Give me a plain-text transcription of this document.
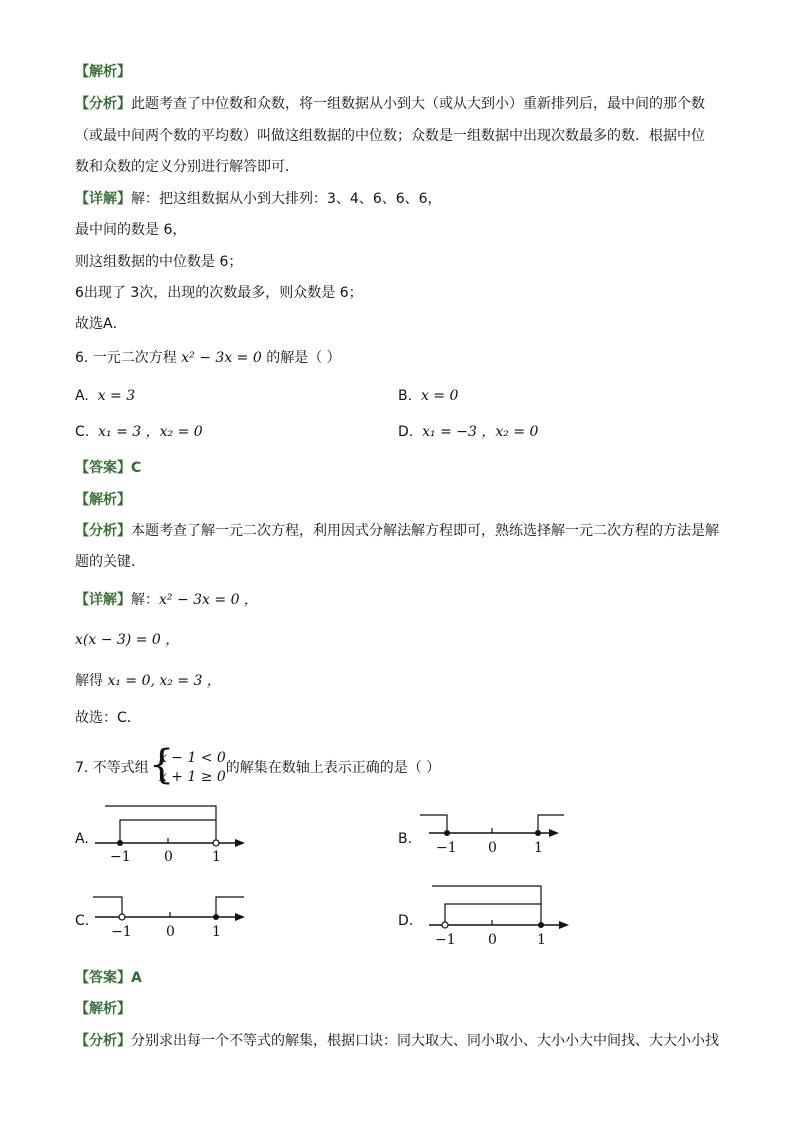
【解析】
【分析】此题考查了中位数和众数，将一组数据从小到大（或从大到小）重新排列后，最中间的那个数
（或最中间两个数的平均数）叫做这组数据的中位数；众数是一组数据中出现次数最多的数．根据中位
数和众数的定义分别进行解答即可．
【详解】解：把这组数据从小到大排列：3、4、6、6、6，
最中间的数是 6，
则这组数据的中位数是 6；
6出现了 3次，出现的次数最多，则众数是 6；
故选A．
6. 一元二次方程 x² − 3x = 0 的解是（ ）
A. x = 3	B. x = 0
C. x₁ = 3 ，x₂ = 0	D. x₁ = −3 ，x₂ = 0
【答案】C
【解析】
【分析】本题考查了解一元二次方程，利用因式分解法解方程即可，熟练选择解一元二次方程的方法是解
题的关键．
【详解】解：x² − 3x = 0 ，
x(x − 3) = 0 ，
解得 x₁ = 0, x₂ = 3 ，
故选：C．
7. 不等式组 {
x − 1 < 0
x + 1 ≥ 0
的解集在数轴上表示正确的是（ ）
A.
−1 0	1
B.
−1 0	1
C.
−1 0	1
D.
−1 0	1
【答案】A
【解析】
【分析】分别求出每一个不等式的解集，根据口诀：同大取大、同小取小、大小小大中间找、大大小小找
